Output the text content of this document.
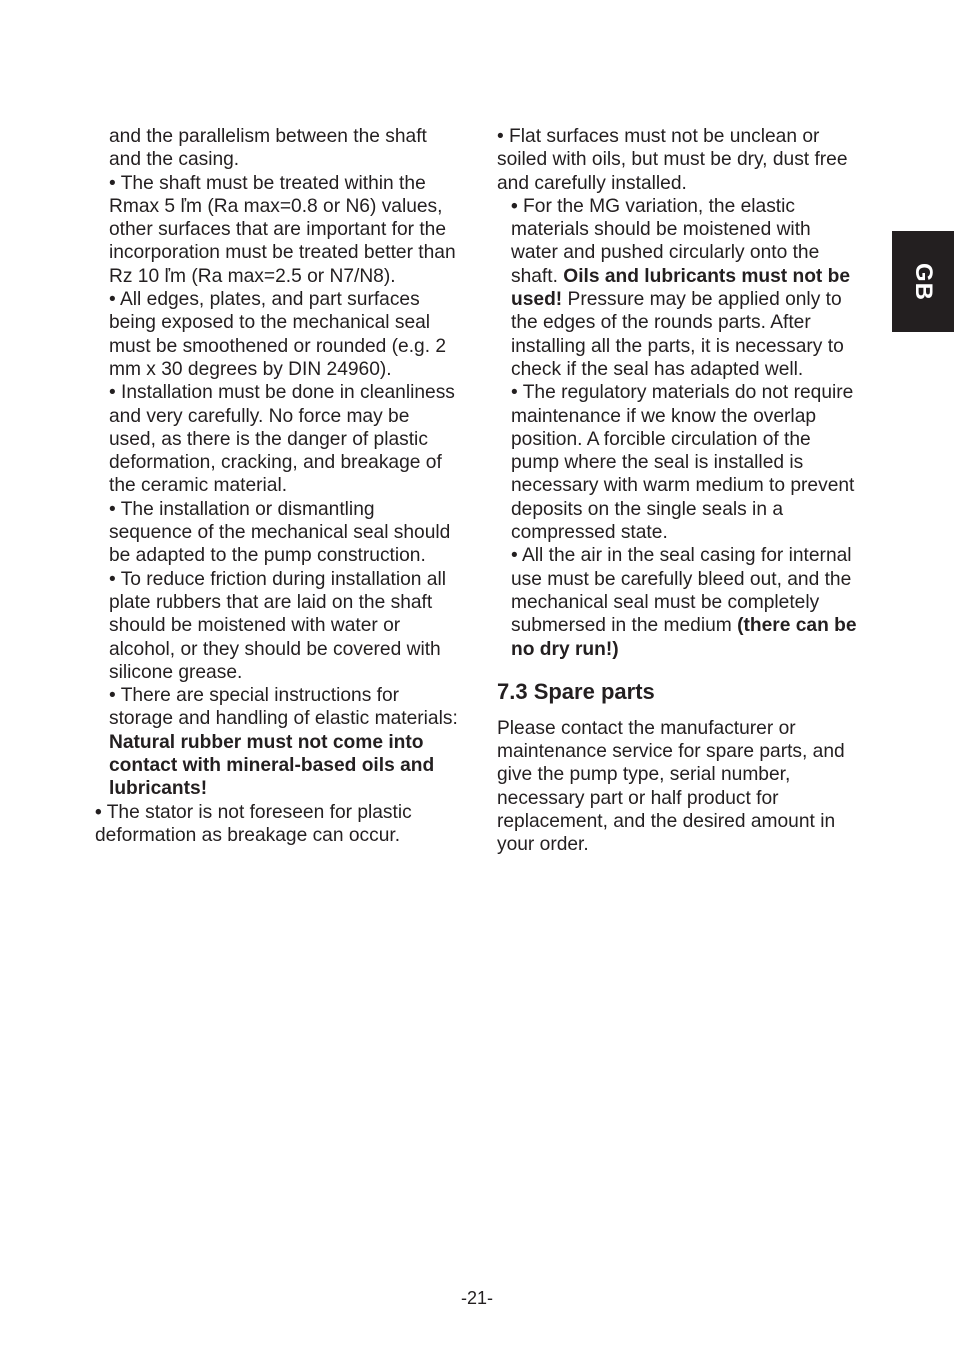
GB

and the parallelism between the shaft and the casing.

• The shaft must be treated within the Rmax 5 ľm (Ra max=0.8 or N6) values, other surfaces that are important for the incorporation must be treated better than Rz 10 ľm (Ra max=2.5 or N7/N8).

• All edges, plates, and part surfaces being exposed to the mechanical seal must be smoothened or rounded (e.g. 2 mm x 30 degrees by DIN 24960).

• Installation must be done in cleanliness and very carefully. No force may be used, as there is the danger of plastic deformation, cracking, and breakage of the ceramic material.

• The installation or dismantling sequence of the mechanical seal should be adapted to the pump construction.

• To reduce friction during installation all plate rubbers that are laid on the shaft should be moistened with water or alcohol, or they should be covered with silicone grease.

• There are special instructions for storage and handling of elastic materials: Natural rubber must not come into contact with mineral-based oils and lubricants!

• The stator is not foreseen for plastic deformation as breakage can occur.

• Flat surfaces must not be unclean or soiled with oils, but must be dry, dust free and carefully installed.

• For the MG variation, the elastic materials should be moistened with water and pushed circularly onto the shaft. Oils and lubricants must not be used! Pressure may be applied only to the edges of the rounds parts. After installing all the parts, it is necessary to check if the seal has adapted well.

• The regulatory materials do not require maintenance if we know the overlap position. A forcible circulation of the pump where the seal is installed is necessary with warm medium to prevent deposits on the single seals in a compressed state.

• All the air in the seal casing for internal use must be carefully bleed out, and the mechanical seal must be completely submersed in the medium (there can be no dry run!)

7.3 Spare parts

Please contact the manufacturer or maintenance service for spare parts, and give the pump type, serial number, necessary part or half product for replacement, and the desired amount in your order.

-21-
